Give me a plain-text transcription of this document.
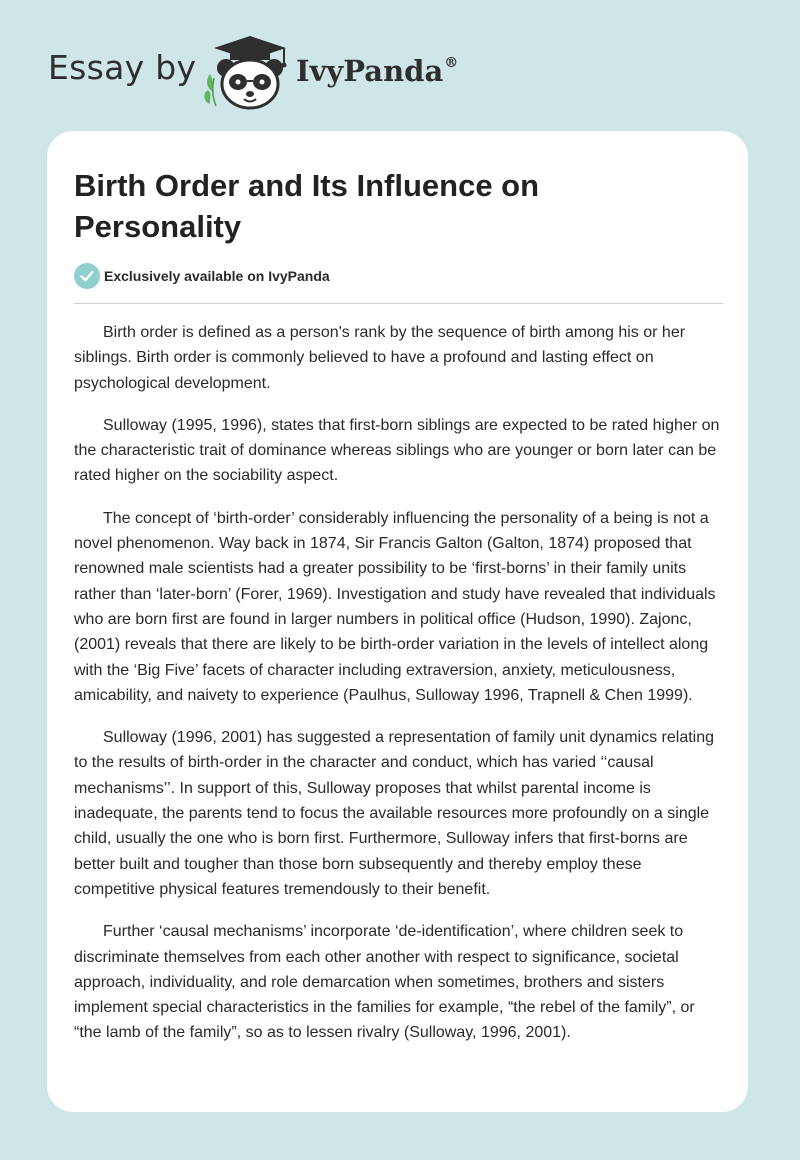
Essay by	IvyPanda®
Birth Order and Its Influence on Personality
Exclusively available on IvyPanda

Birth order is defined as a person's rank by the sequence of birth among his or her siblings. Birth order is commonly believed to have a profound and lasting effect on psychological development.

Sulloway (1995, 1996), states that first-born siblings are expected to be rated higher on the characteristic trait of dominance whereas siblings who are younger or born later can be rated higher on the sociability aspect.

The concept of ‘birth-order’ considerably influencing the personality of a being is not a novel phenomenon. Way back in 1874, Sir Francis Galton (Galton, 1874) proposed that renowned male scientists had a greater possibility to be ‘first-borns’ in their family units rather than ‘later-born’ (Forer, 1969). Investigation and study have revealed that individuals who are born first are found in larger numbers in political office (Hudson, 1990). Zajonc, (2001) reveals that there are likely to be birth-order variation in the levels of intellect along with the ‘Big Five’ facets of character including extraversion, anxiety, meticulousness, amicability, and naivety to experience (Paulhus, Sulloway 1996, Trapnell & Chen 1999).

Sulloway (1996, 2001) has suggested a representation of family unit dynamics relating to the results of birth-order in the character and conduct, which has varied ‘‘causal mechanisms’’. In support of this, Sulloway proposes that whilst parental income is inadequate, the parents tend to focus the available resources more profoundly on a single child, usually the one who is born first. Furthermore, Sulloway infers that first-borns are better built and tougher than those born subsequently and thereby employ these competitive physical features tremendously to their benefit.

Further ‘causal mechanisms’ incorporate ‘de-identification’, where children seek to discriminate themselves from each other another with respect to significance, societal approach, individuality, and role demarcation when sometimes, brothers and sisters implement special characteristics in the families for example, “the rebel of the family”, or “the lamb of the family”, so as to lessen rivalry (Sulloway, 1996, 2001).
